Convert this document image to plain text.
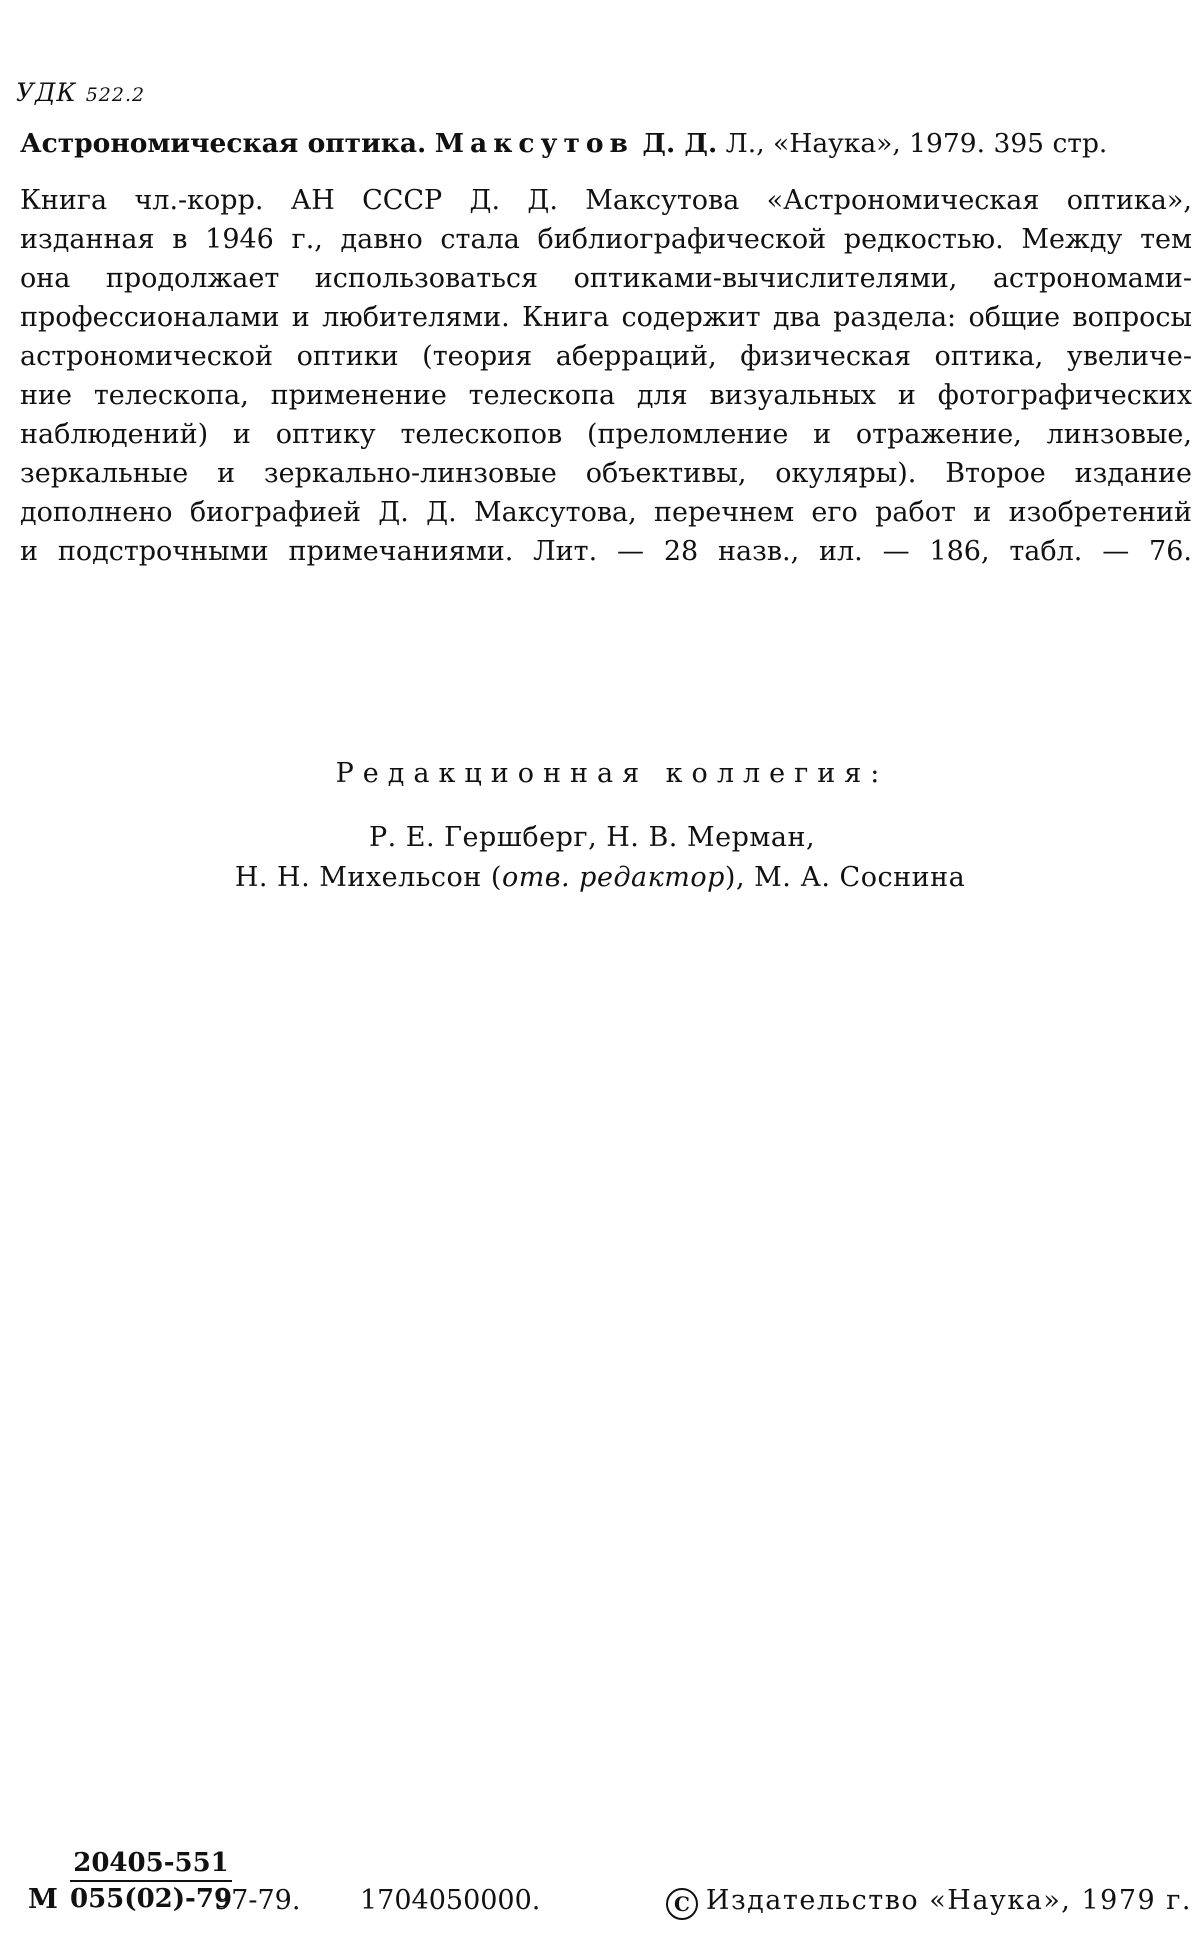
УДК 522.2
Астрономическая оптика. Максутов Д. Д. Л., «Наука», 1979. 395 стр.
Книга чл.-корр. АН СССР Д. Д. Максутова «Астрономическая оптика»,
изданная в 1946 г., давно стала библиографической редкостью. Между тем
она продолжает использоваться оптиками-вычислителями, астрономами-
профессионалами и любителями. Книга содержит два раздела: общие вопросы
астрономической оптики (теория аберраций, физическая оптика, увеличе-
ние телескопа, применение телескопа для визуальных и фотографических
наблюдений) и оптику телескопов (преломление и отражение, линзовые,
зеркальные и зеркально-линзовые объективы, окуляры). Второе издание
дополнено биографией Д. Д. Максутова, перечнем его работ и изобретений
и подстрочными примечаниями. Лит. — 28 назв., ил. — 186, табл. — 76.
Редакционная коллегия:
Р. Е. Гершберг, Н. В. Мерман,
Н. Н. Михельсон (отв. редактор), М. А. Соснина
М
20405-551
055(02)-79
97-79. 1704050000.	C Издательство «Наука», 1979 г.
